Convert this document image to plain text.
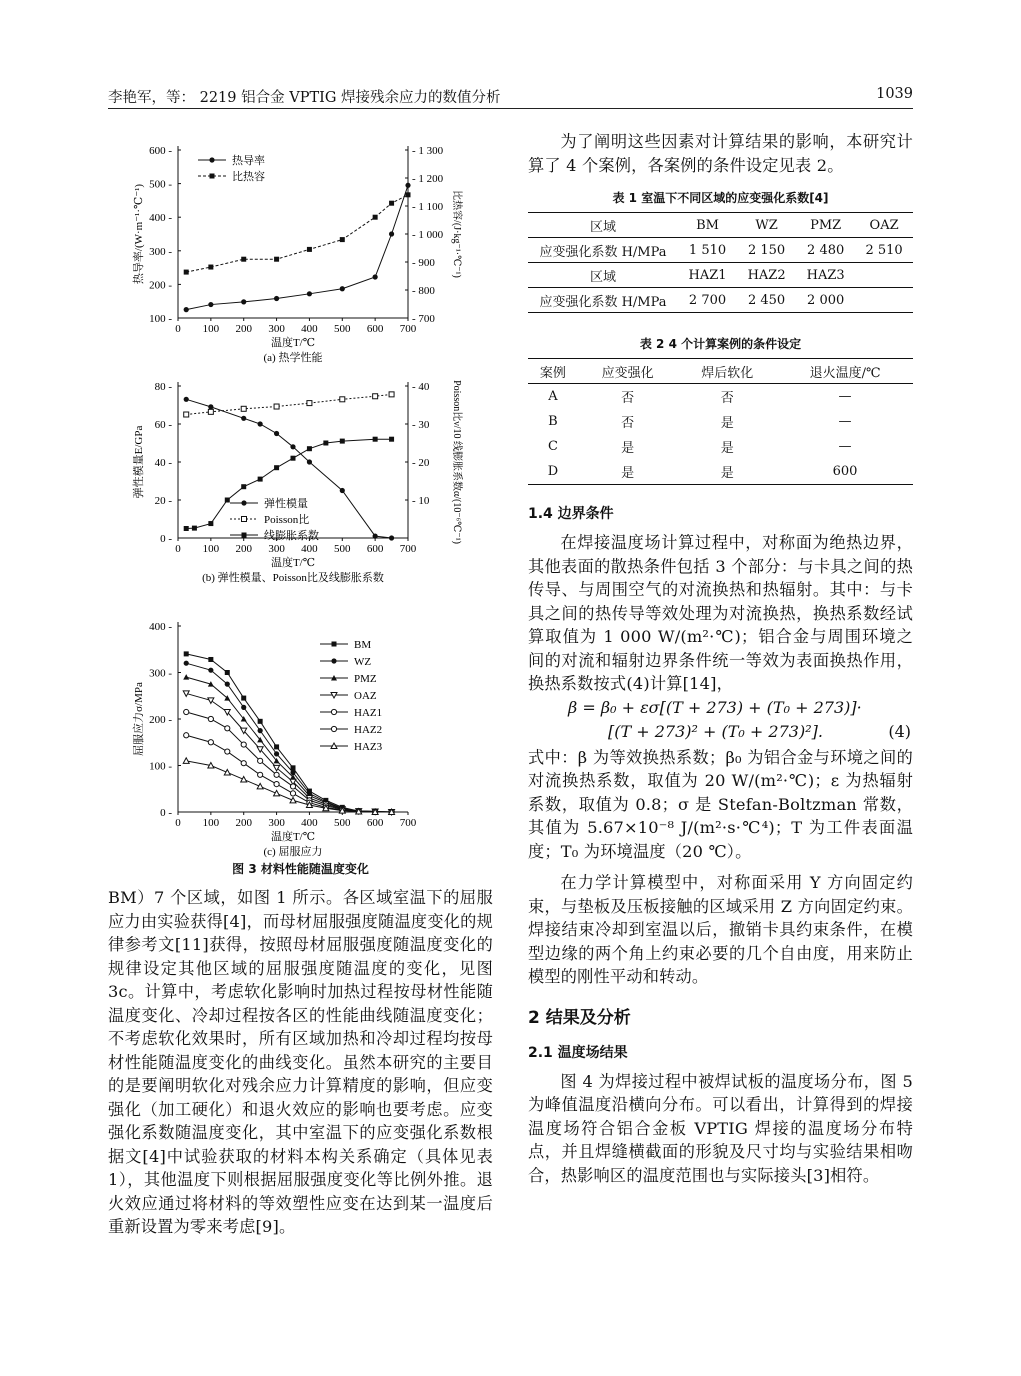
李艳军，等： 2219 铝合金 VPTIG 焊接残余应力的数值分析	1039
0 100 200 300 400 500 600 700
100 -
200 -
300 -
400 -
500 -
600 -
- 700
- 800
- 900
- 1 000
- 1 100
- 1 200
- 1 300
温度T/℃
热导率/(W·m⁻¹·℃⁻¹)	比热容/(J·kg⁻¹·℃⁻¹)
热导率
比热容
(a) 热学性能
0 100 200 300 400 500 600 700
0 -
20 -
40 -
60 -
80 -
- 10
- 20
- 30
- 40
温度T/℃
弹性模量E/GPa	Poisson比ν/10 线膨胀系数α/(10⁻⁶℃⁻¹)
弹性模量
Poisson比
线膨胀系数
(b) 弹性模量、Poisson比及线膨胀系数
0 100 200 300 400 500 600 700
0 -
100 -
200 -
300 -
400 -
温度T/℃
屈服应力σ/MPa
BM
WZ
PMZ
OAZ
HAZ1
HAZ2
HAZ3
(c) 屈服应力
图 3 材料性能随温度变化

BM）7 个区域，如图 1 所示。各区域室温下的屈服应力由实验获得[4]，而母材屈服强度随温度变化的规律参考文[11]获得，按照母材屈服强度随温度变化的规律设定其他区域的屈服强度随温度的变化，见图 3c。计算中，考虑软化影响时加热过程按母材性能随温度变化、冷却过程按各区的性能曲线随温度变化；不考虑软化效果时，所有区域加热和冷却过程均按母材性能随温度变化的曲线变化。虽然本研究的主要目的是要阐明软化对残余应力计算精度的影响，但应变强化（加工硬化）和退火效应的影响也要考虑。应变强化系数随温度变化，其中室温下的应变强化系数根据文[4]中试验获取的材料本构关系确定（具体见表 1），其他温度下则根据屈服强度变化等比例外推。退火效应通过将材料的等效塑性应变在达到某一温度后重新设置为零来考虑[9]。

为了阐明这些因素对计算结果的影响，本研究计算了 4 个案例，各案例的条件设定见表 2。

表 1 室温下不同区域的应变强化系数[4]
区域	BM	WZ	PMZ	OAZ
应变强化系数 H/MPa	1 510	2 150	2 480	2 510
区域	HAZ1	HAZ2	HAZ3	
应变强化系数 H/MPa	2 700	2 450	2 000	
表 2 4 个计算案例的条件设定
案例	应变强化	焊后软化	退火温度/℃
A	否	否	—
B	否	是	—
C	是	是	—
D	是	是	600
1.4 边界条件

在焊接温度场计算过程中，对称面为绝热边界，其他表面的散热条件包括 3 个部分：与卡具之间的热传导、与周围空气的对流换热和热辐射。其中：与卡具之间的热传导等效处理为对流换热，换热系数经试算取值为 1 000 W/(m²·℃)；铝合金与周围环境之间的对流和辐射边界条件统一等效为表面换热作用，换热系数按式(4)计算[14]，

β = β₀ + εσ[(T + 273) + (T₀ + 273)]·
[(T + 273)² + (T₀ + 273)²].	(4)

式中：β 为等效换热系数；β₀ 为铝合金与环境之间的对流换热系数，取值为 20 W/(m²·℃)；ε 为热辐射系数，取值为 0.8；σ 是 Stefan-Boltzman 常数，其值为 5.67×10⁻⁸ J/(m²·s·℃⁴)；T 为工件表面温度；T₀ 为环境温度（20 ℃）。

在力学计算模型中，对称面采用 Y 方向固定约束，与垫板及压板接触的区域采用 Z 方向固定约束。焊接结束冷却到室温以后，撤销卡具约束条件，在模型边缘的两个角上约束必要的几个自由度，用来防止模型的刚性平动和转动。

2 结果及分析
2.1 温度场结果

图 4 为焊接过程中被焊试板的温度场分布，图 5 为峰值温度沿横向分布。可以看出，计算得到的焊接温度场符合铝合金板 VPTIG 焊接的温度场分布特点，并且焊缝横截面的形貌及尺寸均与实验结果相吻合，热影响区的温度范围也与实际接头[3]相符。
